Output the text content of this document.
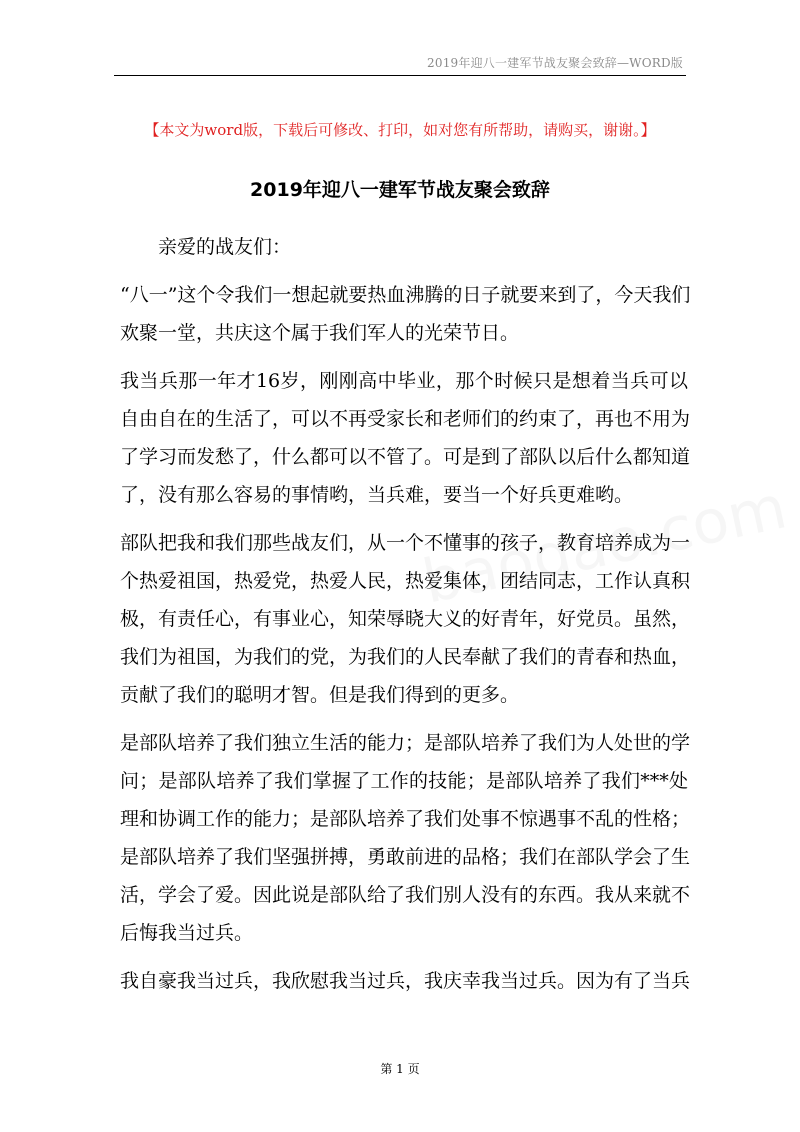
2019年迎八一建军节战友聚会致辞—WORD版
【本文为word版，下载后可修改、打印，如对您有所帮助，请购买，谢谢。】
2019年迎八一建军节战友聚会致辞
亲爱的战友们：
“八一”这个令我们一想起就要热血沸腾的日子就要来到了，今天我们
欢聚一堂，共庆这个属于我们军人的光荣节日。
我当兵那一年才16岁，刚刚高中毕业，那个时候只是想着当兵可以
自由自在的生活了，可以不再受家长和老师们的约束了，再也不用为
了学习而发愁了，什么都可以不管了。可是到了部队以后什么都知道
了，没有那么容易的事情哟，当兵难，要当一个好兵更难哟。
部队把我和我们那些战友们，从一个不懂事的孩子，教育培养成为一
个热爱祖国，热爱党，热爱人民，热爱集体，团结同志，工作认真积
极，有责任心，有事业心，知荣辱晓大义的好青年，好党员。虽然，
我们为祖国，为我们的党，为我们的人民奉献了我们的青春和热血，
贡献了我们的聪明才智。但是我们得到的更多。
是部队培养了我们独立生活的能力；是部队培养了我们为人处世的学
问；是部队培养了我们掌握了工作的技能；是部队培养了我们***处
理和协调工作的能力；是部队培养了我们处事不惊遇事不乱的性格；
是部队培养了我们坚强拼搏，勇敢前进的品格；我们在部队学会了生
活，学会了爱。因此说是部队给了我们别人没有的东西。我从来就不
后悔我当过兵。
我自豪我当过兵，我欣慰我当过兵，我庆幸我当过兵。因为有了当兵
第 1 页
